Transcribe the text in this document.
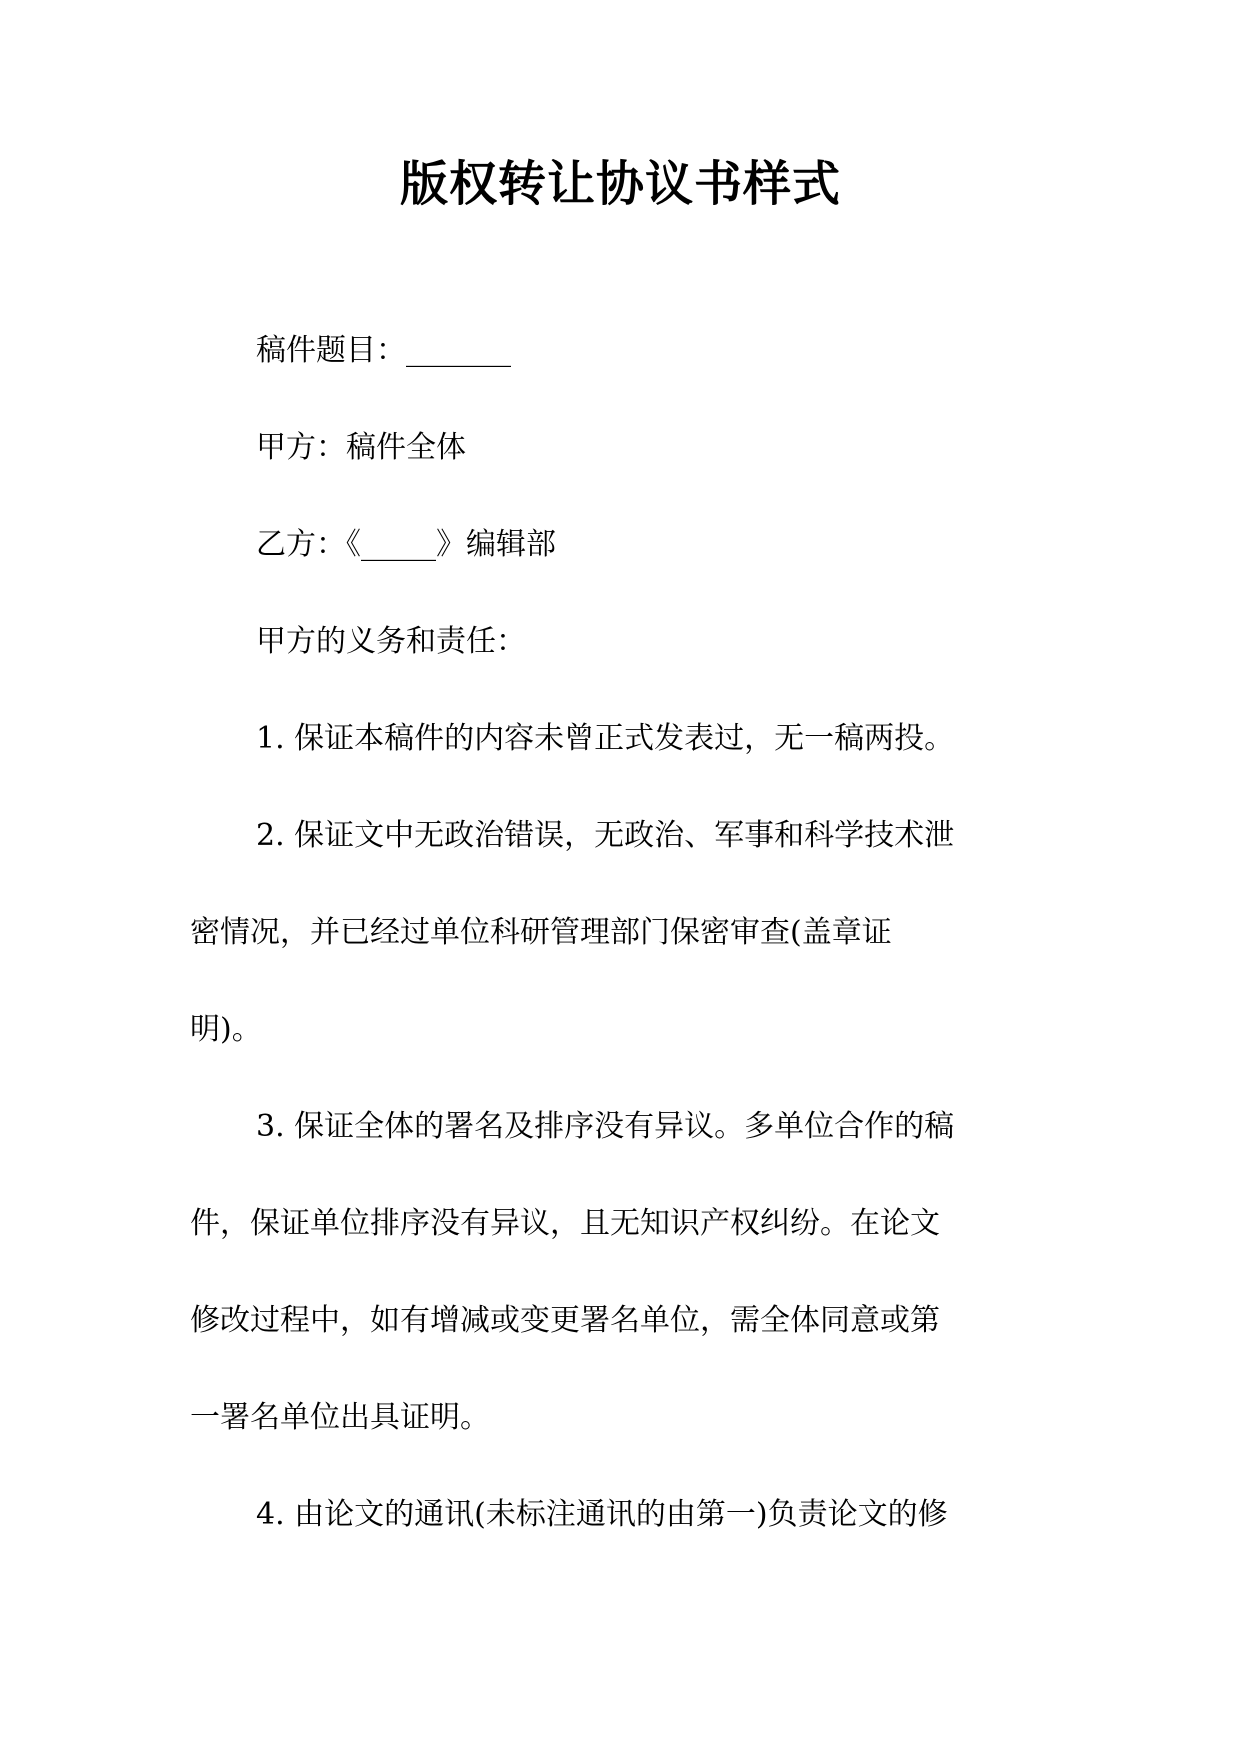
版权转让协议书样式

稿件题目：_______

甲方：稿件全体

乙方：《_____》编辑部

甲方的义务和责任：

1. 保证本稿件的内容未曾正式发表过，无一稿两投。

2. 保证文中无政治错误，无政治、军事和科学技术泄

密情况，并已经过单位科研管理部门保密审查(盖章证

明)。

3. 保证全体的署名及排序没有异议。多单位合作的稿

件，保证单位排序没有异议，且无知识产权纠纷。在论文

修改过程中，如有增减或变更署名单位，需全体同意或第

一署名单位出具证明。

4. 由论文的通讯(未标注通讯的由第一)负责论文的修
